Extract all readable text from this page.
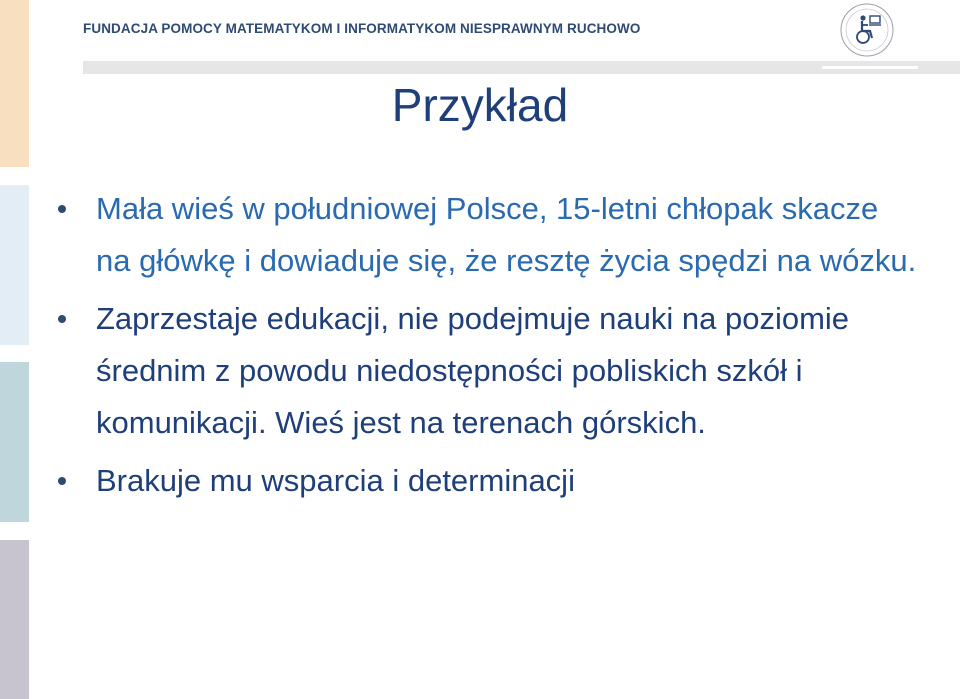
FUNDACJA POMOCY MATEMATYKOM I INFORMATYKOM NIESPRAWNYM RUCHOWO
Przykład
Mała wieś w południowej Polsce, 15-letni chłopak skacze na główkę i dowiaduje się, że resztę życia spędzi na wózku.
Zaprzestaje edukacji, nie podejmuje nauki na poziomie średnim z powodu niedostępności pobliskich szkół i komunikacji. Wieś jest na terenach górskich.
Brakuje mu wsparcia i determinacji
